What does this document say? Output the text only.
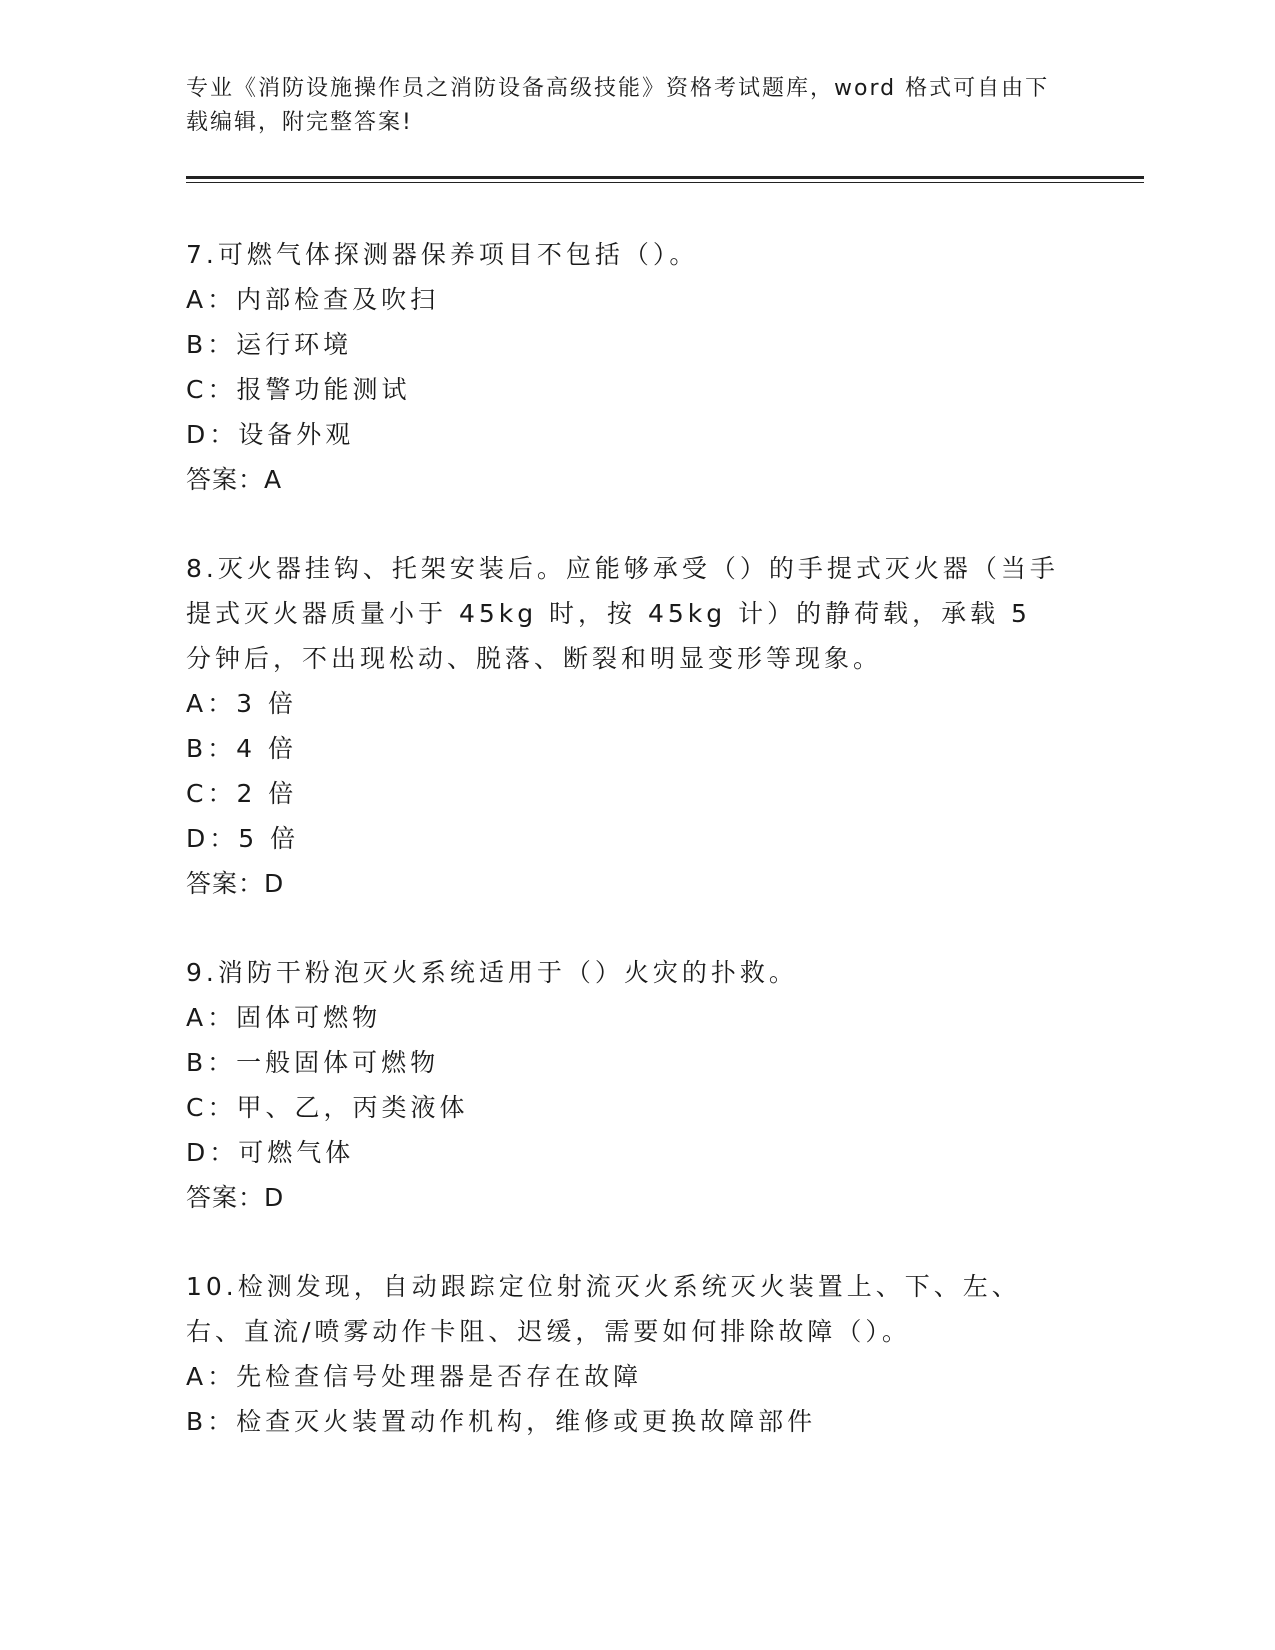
专业《消防设施操作员之消防设备高级技能》资格考试题库，word 格式可自由下载编辑，附完整答案!

7.可燃气体探测器保养项目不包括（）。

A：内部检查及吹扫

B：运行环境

C：报警功能测试

D：设备外观

答案：A

8.灭火器挂钩、托架安装后。应能够承受（）的手提式灭火器（当手提式灭火器质量小于 45kg 时，按 45kg 计）的静荷载，承载 5 分钟后，不出现松动、脱落、断裂和明显变形等现象。

A：3 倍

B：4 倍

C：2 倍

D：5 倍

答案：D

9.消防干粉泡灭火系统适用于（）火灾的扑救。

A：固体可燃物

B：一般固体可燃物

C：甲、乙，丙类液体

D：可燃气体

答案：D

10.检测发现，自动跟踪定位射流灭火系统灭火装置上、下、左、右、直流/喷雾动作卡阻、迟缓，需要如何排除故障（）。

A：先检查信号处理器是否存在故障

B：检查灭火装置动作机构，维修或更换故障部件
